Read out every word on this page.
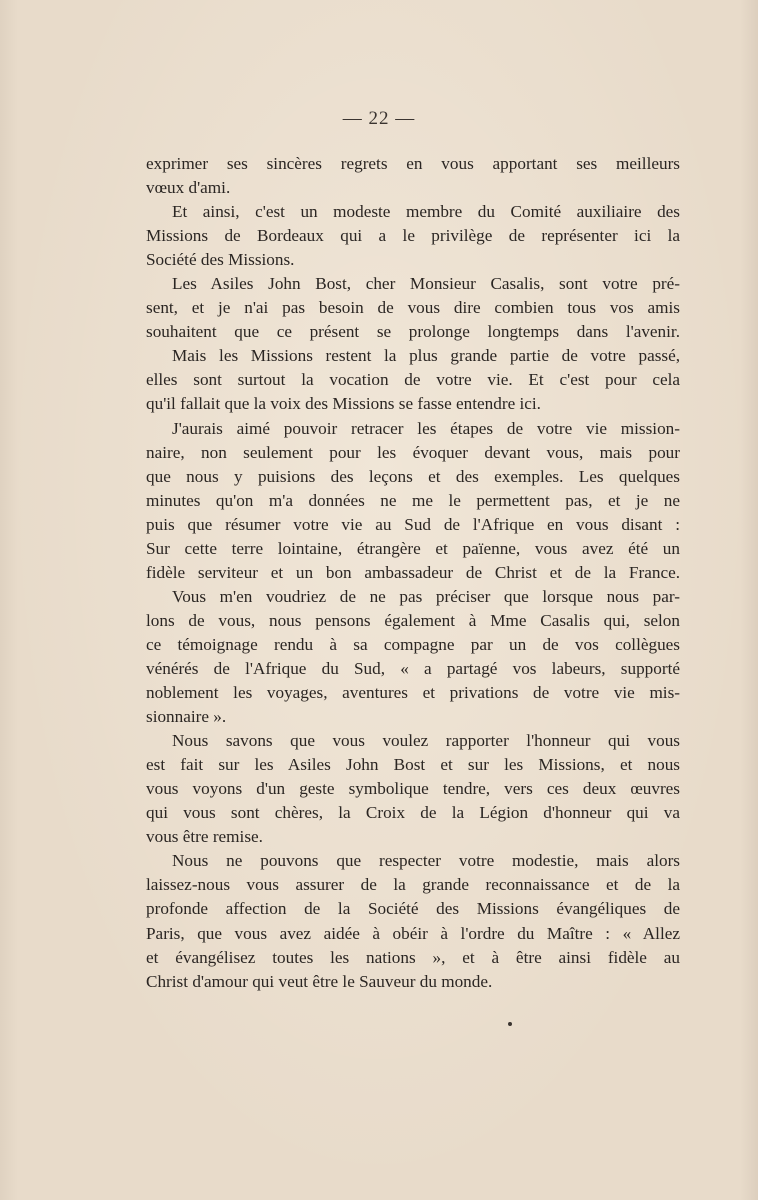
— 22 —
exprimer ses sincères regrets en vous apportant ses meilleurs
vœux d'ami.
Et ainsi, c'est un modeste membre du Comité auxiliaire des
Missions de Bordeaux qui a le privilège de représenter ici la
Société des Missions.
Les Asiles John Bost, cher Monsieur Casalis, sont votre pré-
sent, et je n'ai pas besoin de vous dire combien tous vos amis
souhaitent que ce présent se prolonge longtemps dans l'avenir.
Mais les Missions restent la plus grande partie de votre passé,
elles sont surtout la vocation de votre vie. Et c'est pour cela
qu'il fallait que la voix des Missions se fasse entendre ici.
J'aurais aimé pouvoir retracer les étapes de votre vie mission-
naire, non seulement pour les évoquer devant vous, mais pour
que nous y puisions des leçons et des exemples. Les quelques
minutes qu'on m'a données ne me le permettent pas, et je ne
puis que résumer votre vie au Sud de l'Afrique en vous disant :
Sur cette terre lointaine, étrangère et païenne, vous avez été un
fidèle serviteur et un bon ambassadeur de Christ et de la France.
Vous m'en voudriez de ne pas préciser que lorsque nous par-
lons de vous, nous pensons également à Mme Casalis qui, selon
ce témoignage rendu à sa compagne par un de vos collègues
vénérés de l'Afrique du Sud, « a partagé vos labeurs, supporté
noblement les voyages, aventures et privations de votre vie mis-
sionnaire ».
Nous savons que vous voulez rapporter l'honneur qui vous
est fait sur les Asiles John Bost et sur les Missions, et nous
vous voyons d'un geste symbolique tendre, vers ces deux œuvres
qui vous sont chères, la Croix de la Légion d'honneur qui va
vous être remise.
Nous ne pouvons que respecter votre modestie, mais alors
laissez-nous vous assurer de la grande reconnaissance et de la
profonde affection de la Société des Missions évangéliques de
Paris, que vous avez aidée à obéir à l'ordre du Maître : « Allez
et évangélisez toutes les nations », et à être ainsi fidèle au
Christ d'amour qui veut être le Sauveur du monde.
